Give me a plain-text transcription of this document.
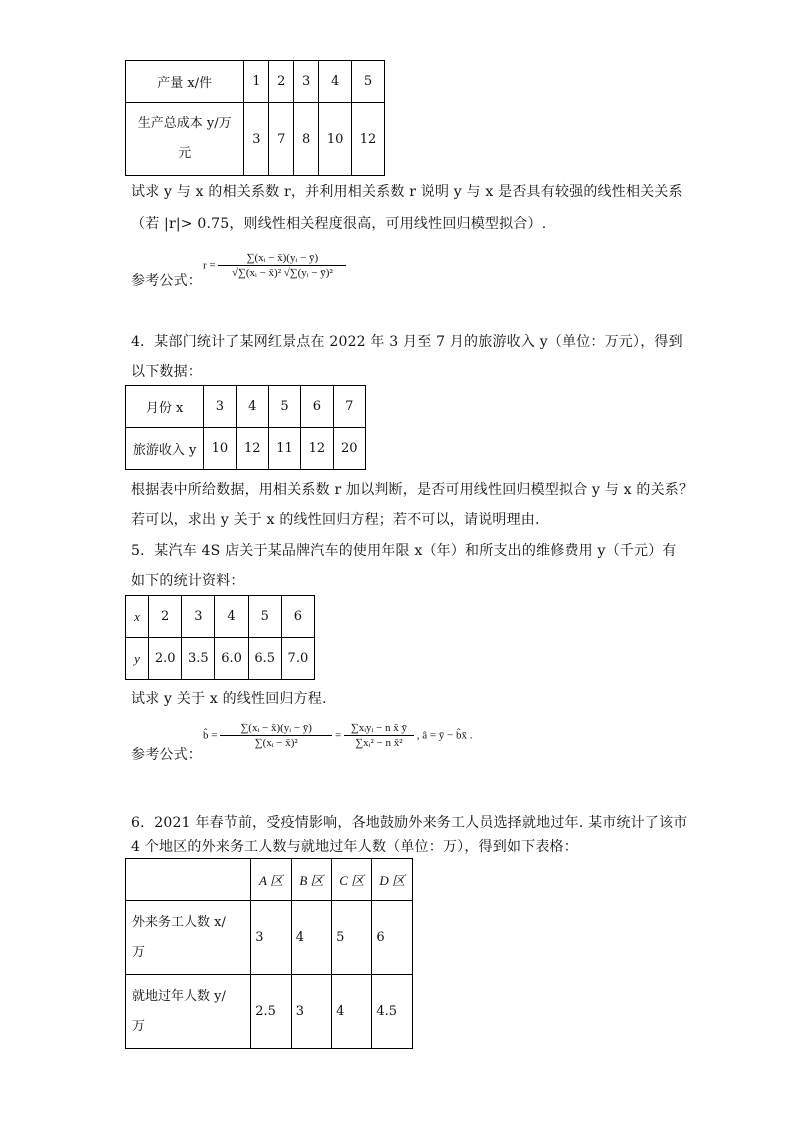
产量 x/件	1	2	3	4	5
生产总成本 y/万
元	3	7	8	10	12
试求 y 与 x 的相关系数 r，并利用相关系数 r 说明 y 与 x 是否具有较强的线性相关关系
（若 |r|> 0.75，则线性相关程度很高，可用线性回归模型拟合）.
参考公式：
$r = \frac{\text{∑(xᵢ − x̄)(yᵢ − ȳ)}}{\text{√∑(xᵢ − x̄)² √∑(yᵢ − ȳ)²}}$
4．某部门统计了某网红景点在 2022 年 3 月至 7 月的旅游收入 y（单位：万元），得到
以下数据：
月份 x	3	4	5	6	7
旅游收入 y	10	12	11	12	20
根据表中所给数据，用相关系数 r 加以判断，是否可用线性回归模型拟合 y 与 x 的关系？
若可以，求出 y 关于 x 的线性回归方程；若不可以，请说明理由.
5．某汽车 4S 店关于某品牌汽车的使用年限 x（年）和所支出的维修费用 y（千元）有
如下的统计资料：
x	2	3	4	5	6
y	2.0	3.5	6.0	6.5	7.0
试求 y 关于 x 的线性回归方程.
参考公式：
b̂ = $\frac{\text{∑(xᵢ − x̄)(yᵢ − ȳ)}}{\text{∑(xᵢ − x̄)²}} = \frac{\text{∑xᵢyᵢ − n x̄ ȳ}}{\text{∑xᵢ² − n x̄²}}$ , â = ȳ − b̂x̄ .
6．2021 年春节前，受疫情影响，各地鼓励外来务工人员选择就地过年. 某市统计了该市
4 个地区的外来务工人数与就地过年人数（单位：万），得到如下表格：
	A 区	B 区	C 区	D 区
外来务工人数 x/
万	3	4	5	6
就地过年人数 y/
万	2.5	3	4	4.5
